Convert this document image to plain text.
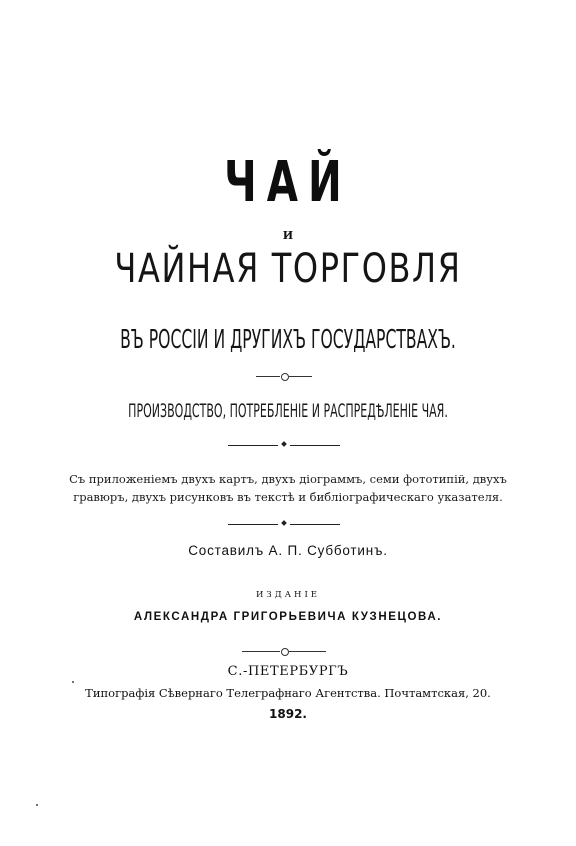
ЧАЙ
И
ЧАЙНАЯ ТОРГОВЛЯ
ВЪ РОССІИ И ДРУГИХЪ ГОСУДАРСТВАХЪ.
ПРОИЗВОДСТВО, ПОТРЕБЛЕНІЕ И РАСПРЕДѢЛЕНІЕ ЧАЯ.
Съ приложеніемъ двухъ картъ, двухъ діограммъ, семи фототипій, двухъ
гравюръ, двухъ рисунковъ въ текстѣ и библіографическаго указателя.
Составилъ А. П. Субботинъ.
ИЗДАНІЕ
АЛЕКСАНДРА ГРИГОРЬЕВИЧА КУЗНЕЦОВА.
С.-ПЕТЕРБУРГЪ
Типографія Сѣвернаго Телеграфнаго Агентства. Почтамтская, 20.
1892.
